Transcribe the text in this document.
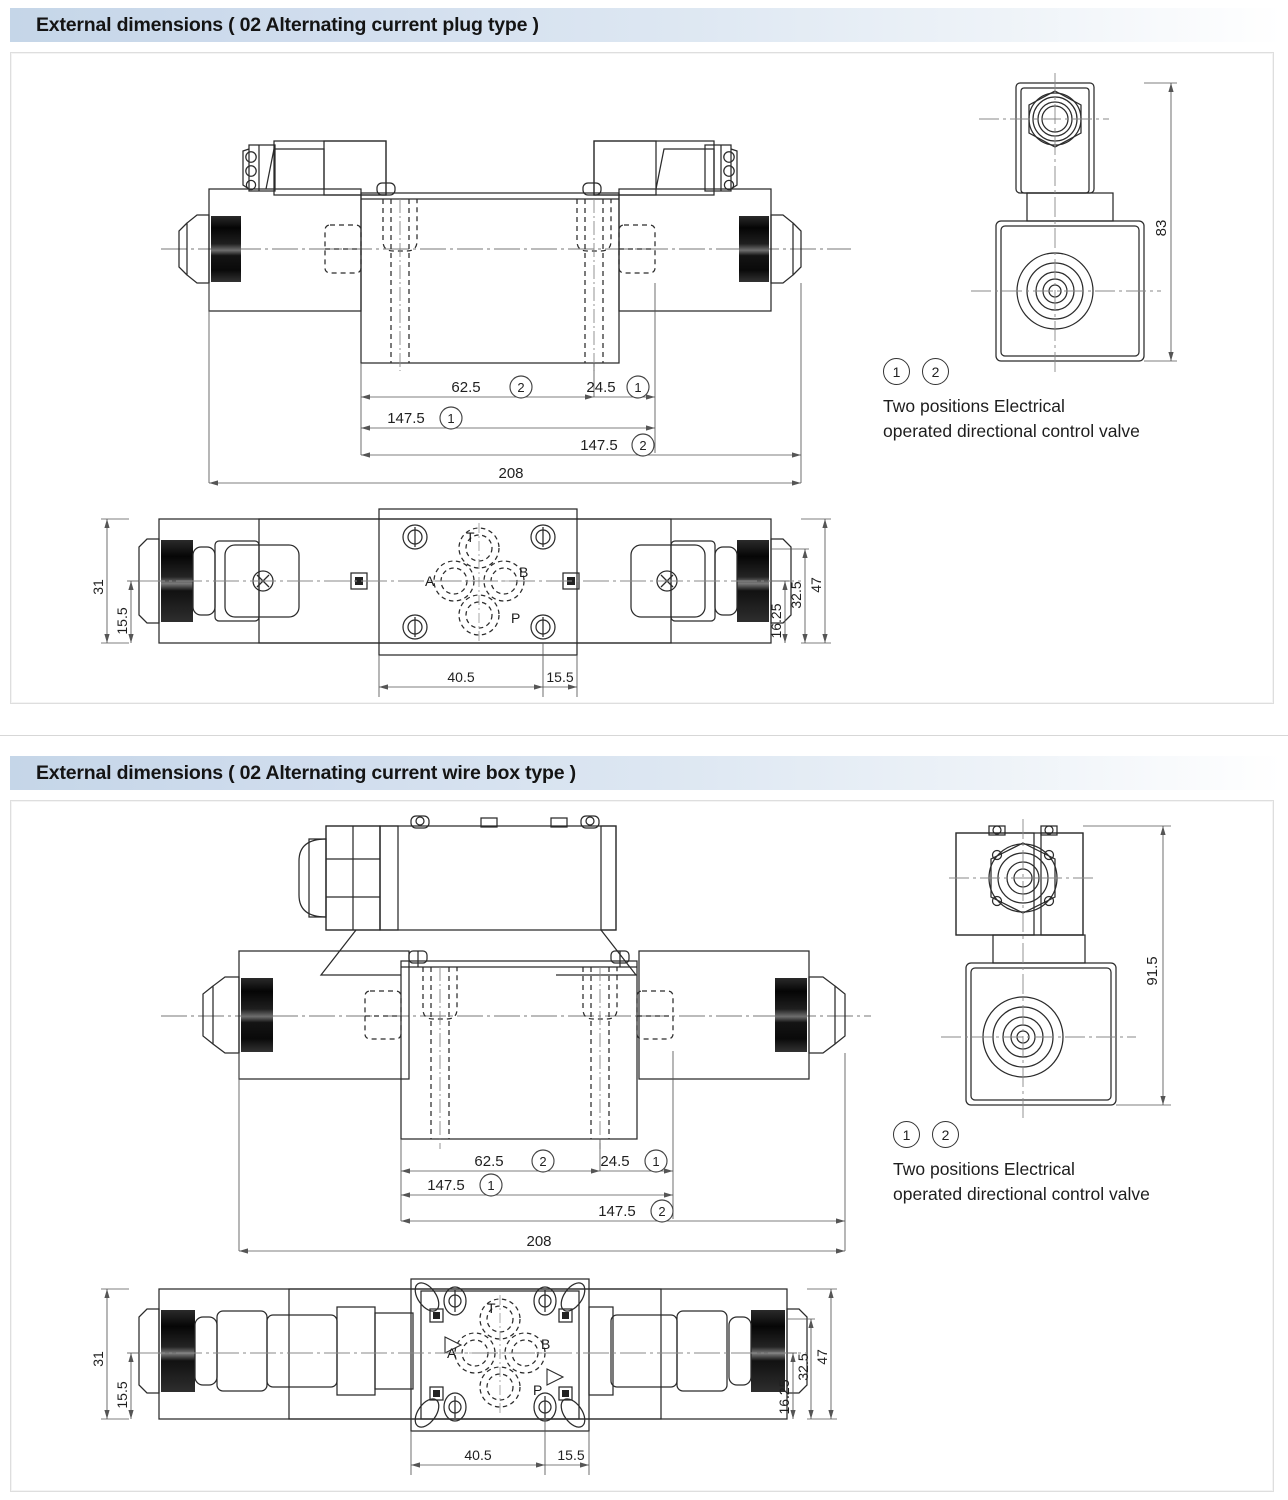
External dimensions ( 02 Alternating current plug type )
62.5	2	24.5 1
147.5 1
147.5 2
208
83
T
A
B
P
31
15.5
40.5	15.5
16.25
32.5 47
1	2
Two positions Electrical
operated directional control valve
External dimensions ( 02 Alternating current wire box type )
62.5	2	24.5 1
147.5 1
147.5 2
208
91.5
T
A
B
P
31
15.5
40.5	15.5
16.25
32.5 47
1	2
Two positions Electrical
operated directional control valve
